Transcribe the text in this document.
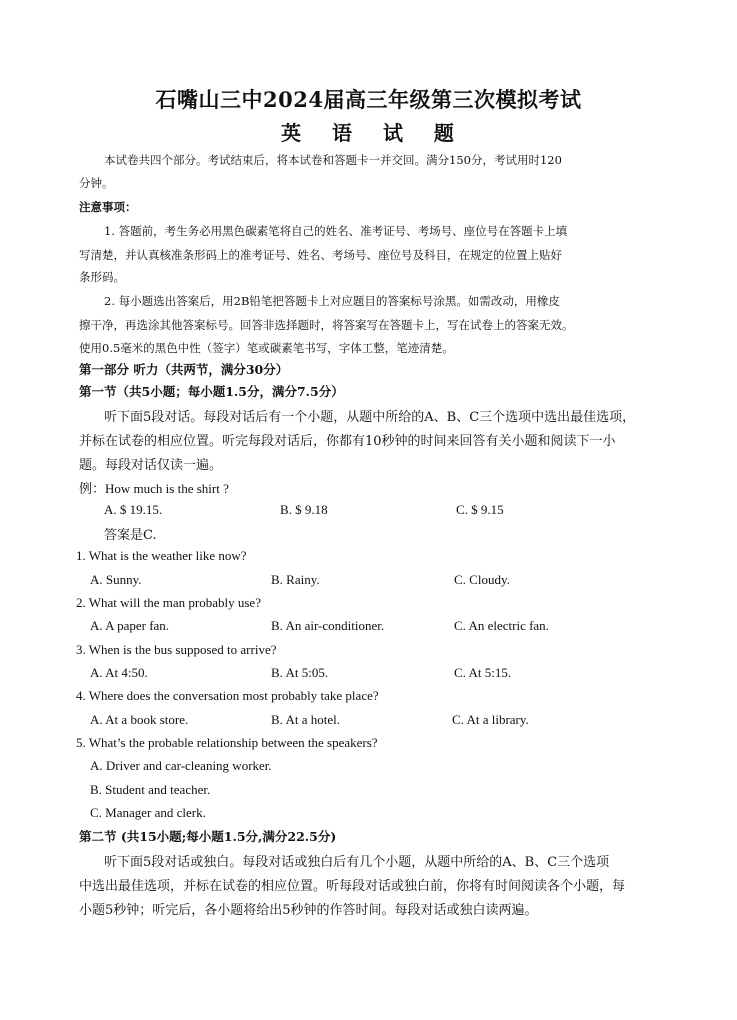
石嘴山三中2024届高三年级第三次模拟考试
英 语 试 题
本试卷共四个部分。考试结束后，将本试卷和答题卡一并交回。满分150分，考试用时120
分钟。
注意事项：
1. 答题前，考生务必用黑色碳素笔将自己的姓名、准考证号、考场号、座位号在答题卡上填
写清楚，并认真核准条形码上的准考证号、姓名、考场号、座位号及科目，在规定的位置上贴好
条形码。
2. 每小题选出答案后，用2B铅笔把答题卡上对应题目的答案标号涂黑。如需改动，用橡皮
擦干净，再选涂其他答案标号。回答非选择题时，将答案写在答题卡上，写在试卷上的答案无效。
使用0.5毫米的黑色中性（签字）笔或碳素笔书写，字体工整，笔迹清楚。
第一部分 听力（共两节，满分30分）
第一节（共5小题；每小题1.5分，满分7.5分）
听下面5段对话。每段对话后有一个小题，从题中所给的A、B、C三个选项中选出最佳选项，
并标在试卷的相应位置。听完每段对话后，你都有10秒钟的时间来回答有关小题和阅读下一小
题。每段对话仅读一遍。
例：How much is the shirt ?
A. $ 19.15.	B. $ 9.18	C. $ 9.15
答案是C.
1. What is the weather like now?
A. Sunny.	B. Rainy.	C. Cloudy.
2. What will the man probably use?
A. A paper fan.	B. An air-conditioner.	C. An electric fan.
3. When is the bus supposed to arrive?
A. At 4:50.	B. At 5:05.	C. At 5:15.
4. Where does the conversation most probably take place?
A. At a book store.	B. At a hotel.	C. At a library.
5. What’s the probable relationship between the speakers?
A. Driver and car-cleaning worker.
B. Student and teacher.
C. Manager and clerk.
第二节 (共15小题;每小题1.5分,满分22.5分)
听下面5段对话或独白。每段对话或独白后有几个小题，从题中所给的A、B、C三个选项
中选出最佳选项，并标在试卷的相应位置。听每段对话或独白前，你将有时间阅读各个小题，每
小题5秒钟；听完后，各小题将给出5秒钟的作答时间。每段对话或独白读两遍。
